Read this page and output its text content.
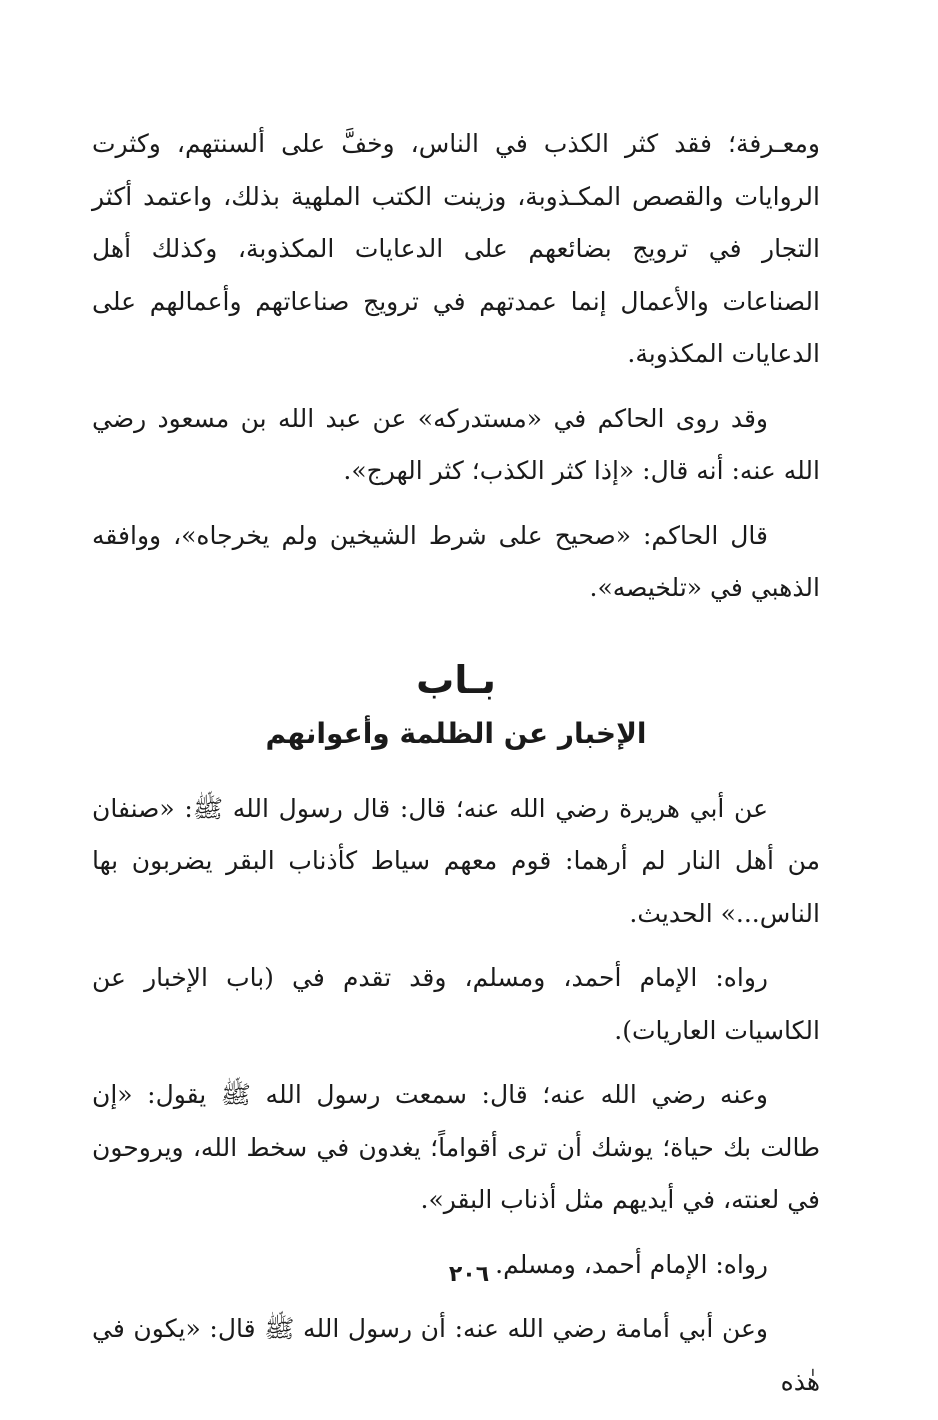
ومعـرفة؛ فقد كثر الكذب في الناس، وخفَّ على ألسنتهم، وكثرت الروايات والقصص المكـذوبة، وزينت الكتب الملهية بذلك، واعتمد أكثر التجار في ترويج بضائعهم على الدعايات المكذوبة، وكذلك أهل الصناعات والأعمال إنما عمدتهم في ترويج صناعاتهم وأعمالهم على الدعايات المكذوبة.

وقد روى الحاكم في «مستدركه» عن عبد الله بن مسعود رضي الله عنه: أنه قال: «إذا كثر الكذب؛ كثر الهرج».

قال الحاكم: «صحيح على شرط الشيخين ولم يخرجاه»، ووافقه الذهبي في «تلخيصه».

بـاب

الإخبار عن الظلمة وأعوانهم

عن أبي هريرة رضي الله عنه؛ قال: قال رسول الله ﷺ: «صنفان من أهل النار لم أرهما: قوم معهم سياط كأذناب البقر يضربون بها الناس...» الحديث.

رواه: الإمام أحمد، ومسلم، وقد تقدم في (باب الإخبار عن الكاسيات العاريات).

وعنه رضي الله عنه؛ قال: سمعت رسول الله ﷺ يقول: «إن طالت بك حياة؛ يوشك أن ترى أقواماً؛ يغدون في سخط الله، ويروحون في لعنته، في أيديهم مثل أذناب البقر».

رواه: الإمام أحمد، ومسلم.

وعن أبي أمامة رضي الله عنه: أن رسول الله ﷺ قال: «يكون في هٰذه

٢٠٦
